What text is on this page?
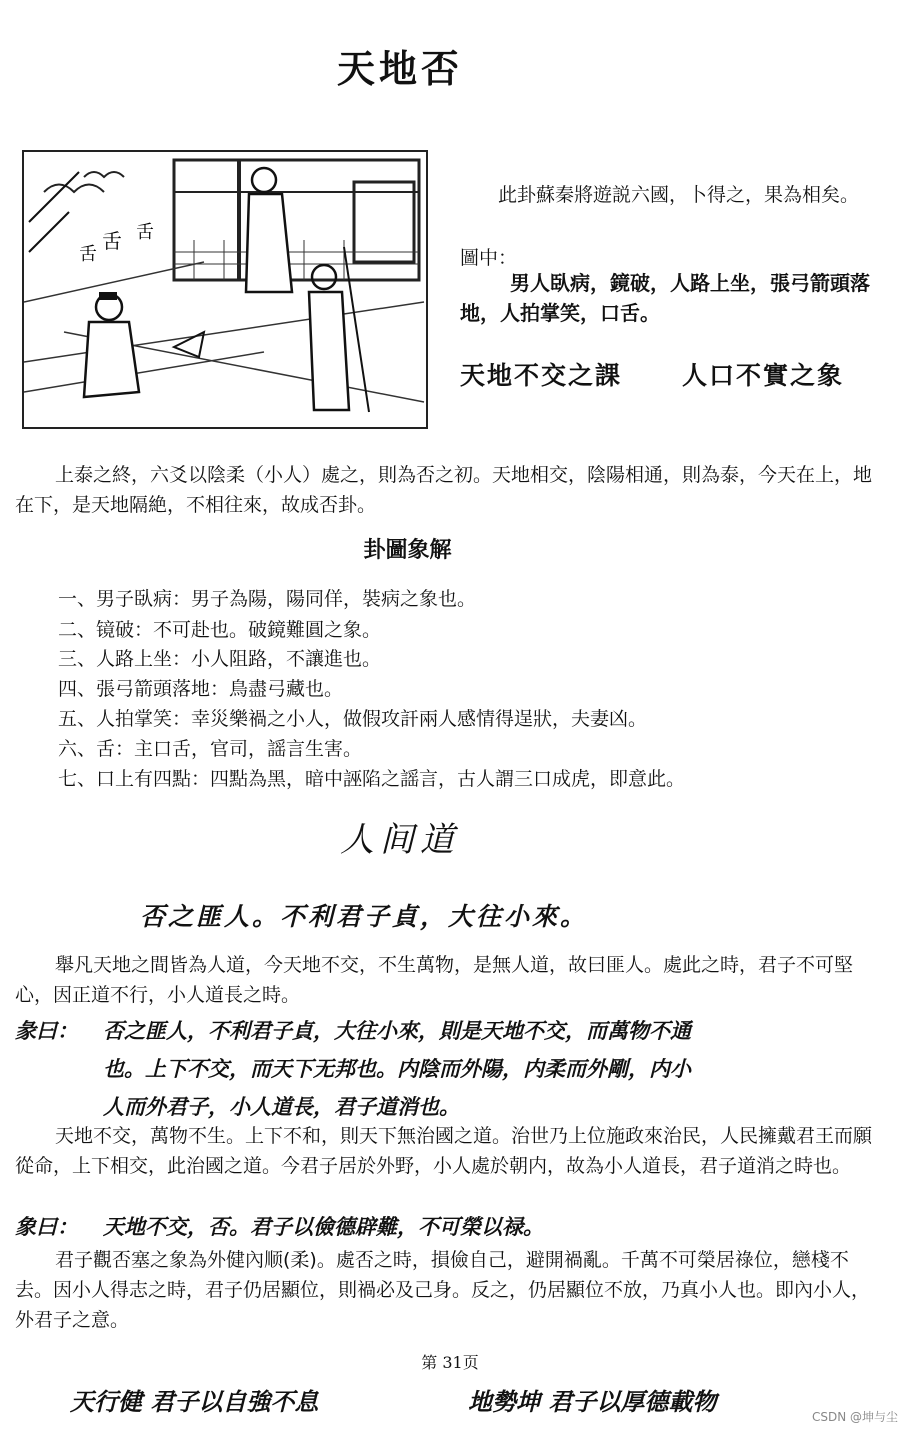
天地否
舌
舌 舌
此卦蘇秦將遊説六國，卜得之，果為相矣。
圖中：
男人臥病，鏡破，人路上坐，張弓箭頭落地，人拍掌笑，口舌。
天地不交之課 人口不實之象
上泰之終，六爻以陰柔（小人）處之，則為否之初。天地相交，陰陽相通，則為泰，今天在上，地在下，是天地隔絶，不相往來，故成否卦。
卦圖象解
一、男子臥病：男子為陽，陽同佯，裝病之象也。
二、镜破：不可赴也。破鏡難圓之象。
三、人路上坐：小人阻路，不讓進也。
四、張弓箭頭落地：鳥盡弓藏也。
五、人拍掌笑：幸災樂禍之小人，做假攻訐兩人感情得逞狀，夫妻凶。
六、舌：主口舌，官司，謡言生害。
七、口上有四點：四點為黑，暗中誣陷之謡言，古人謂三口成虎，即意此。
人间道
否之匪人。不利君子貞，大往小來。
舉凡天地之間皆為人道，今天地不交，不生萬物，是無人道，故曰匪人。處此之時，君子不可堅心，因正道不行，小人道長之時。
彖曰： 否之匪人，不利君子貞，大往小來，則是天地不交，而萬物不通
也。上下不交，而天下无邦也。内陰而外陽，内柔而外剛，内小
人而外君子，小人道長，君子道消也。
天地不交，萬物不生。上下不和，則天下無治國之道。治世乃上位施政來治民，人民擁戴君王而願從命，上下相交，此治國之道。今君子居於外野，小人處於朝内，故為小人道長，君子道消之時也。
象曰： 天地不交，否。君子以儉德辟難，不可榮以禄。
君子觀否塞之象為外健內顺(柔)。處否之時，損儉自己，避開禍亂。千萬不可榮居祿位，戀棧不去。因小人得志之時，君子仍居顯位，則禍必及己身。反之，仍居顯位不放，乃真小人也。即內小人，外君子之意。
第 31页
天行健 君子以自強不息	地勢坤 君子以厚德載物
CSDN @坤与尘
